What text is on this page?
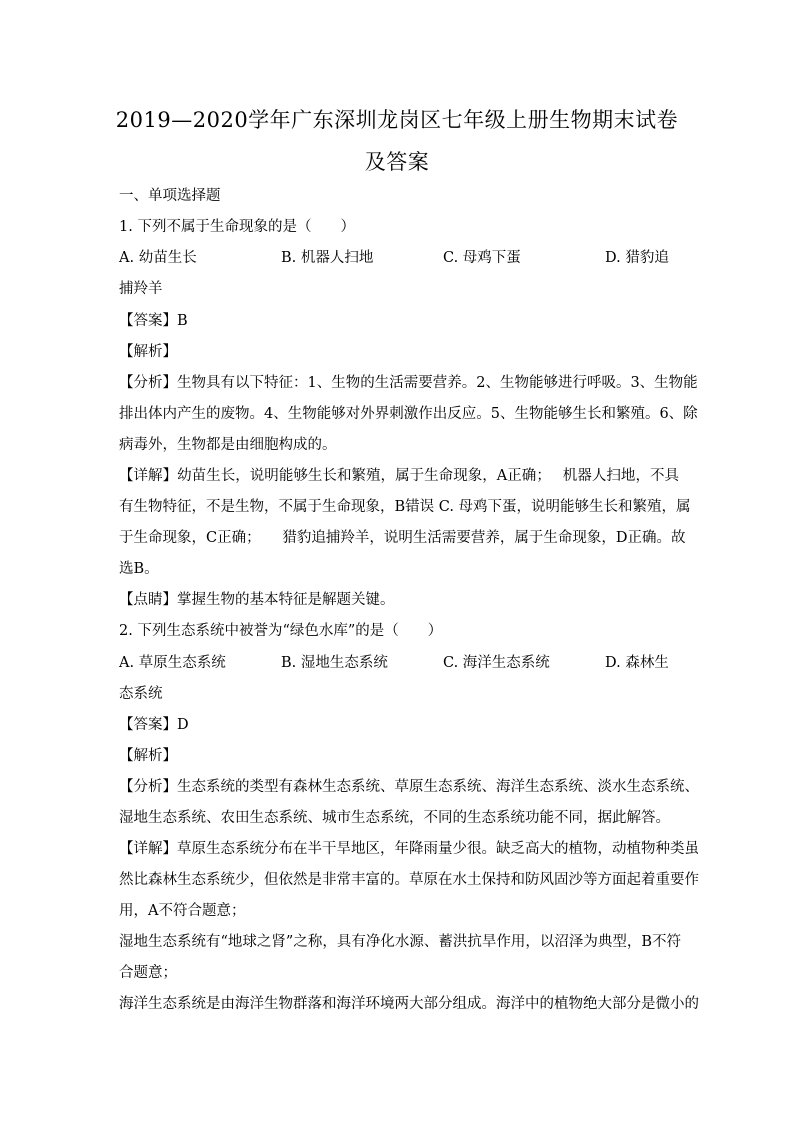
2019—2020学年广东深圳龙岗区七年级上册生物期末试卷
及答案
一、单项选择题
1. 下列不属于生命现象的是（　　）
A. 幼苗生长	B. 机器人扫地	C. 母鸡下蛋	D. 猎豹追
捕羚羊
【答案】B
【解析】
【分析】生物具有以下特征：1、生物的生活需要营养。2、生物能够进行呼吸。3、生物能
排出体内产生的废物。4、生物能够对外界刺激作出反应。5、生物能够生长和繁殖。6、除
病毒外，生物都是由细胞构成的。
【详解】幼苗生长，说明能够生长和繁殖，属于生命现象，A正确；　 机器人扫地，不具
有生物特征，不是生物，不属于生命现象，B错误 C. 母鸡下蛋，说明能够生长和繁殖，属
于生命现象，C正确；　　猎豹追捕羚羊，说明生活需要营养，属于生命现象，D正确。故
选B。
【点睛】掌握生物的基本特征是解题关键。
2. 下列生态系统中被誉为“绿色水库”的是（　　）
A. 草原生态系统	B. 湿地生态系统	C. 海洋生态系统	D. 森林生
态系统
【答案】D
【解析】
【分析】生态系统的类型有森林生态系统、草原生态系统、海洋生态系统、淡水生态系统、
湿地生态系统、农田生态系统、城市生态系统，不同的生态系统功能不同，据此解答。
【详解】草原生态系统分布在半干旱地区，年降雨量少很。缺乏高大的植物，动植物种类虽
然比森林生态系统少，但依然是非常丰富的。草原在水土保持和防风固沙等方面起着重要作
用，A不符合题意；
湿地生态系统有“地球之肾”之称，具有净化水源、蓄洪抗旱作用，以沼泽为典型，B不符
合题意；
海洋生态系统是由海洋生物群落和海洋环境两大部分组成。海洋中的植物绝大部分是微小的
